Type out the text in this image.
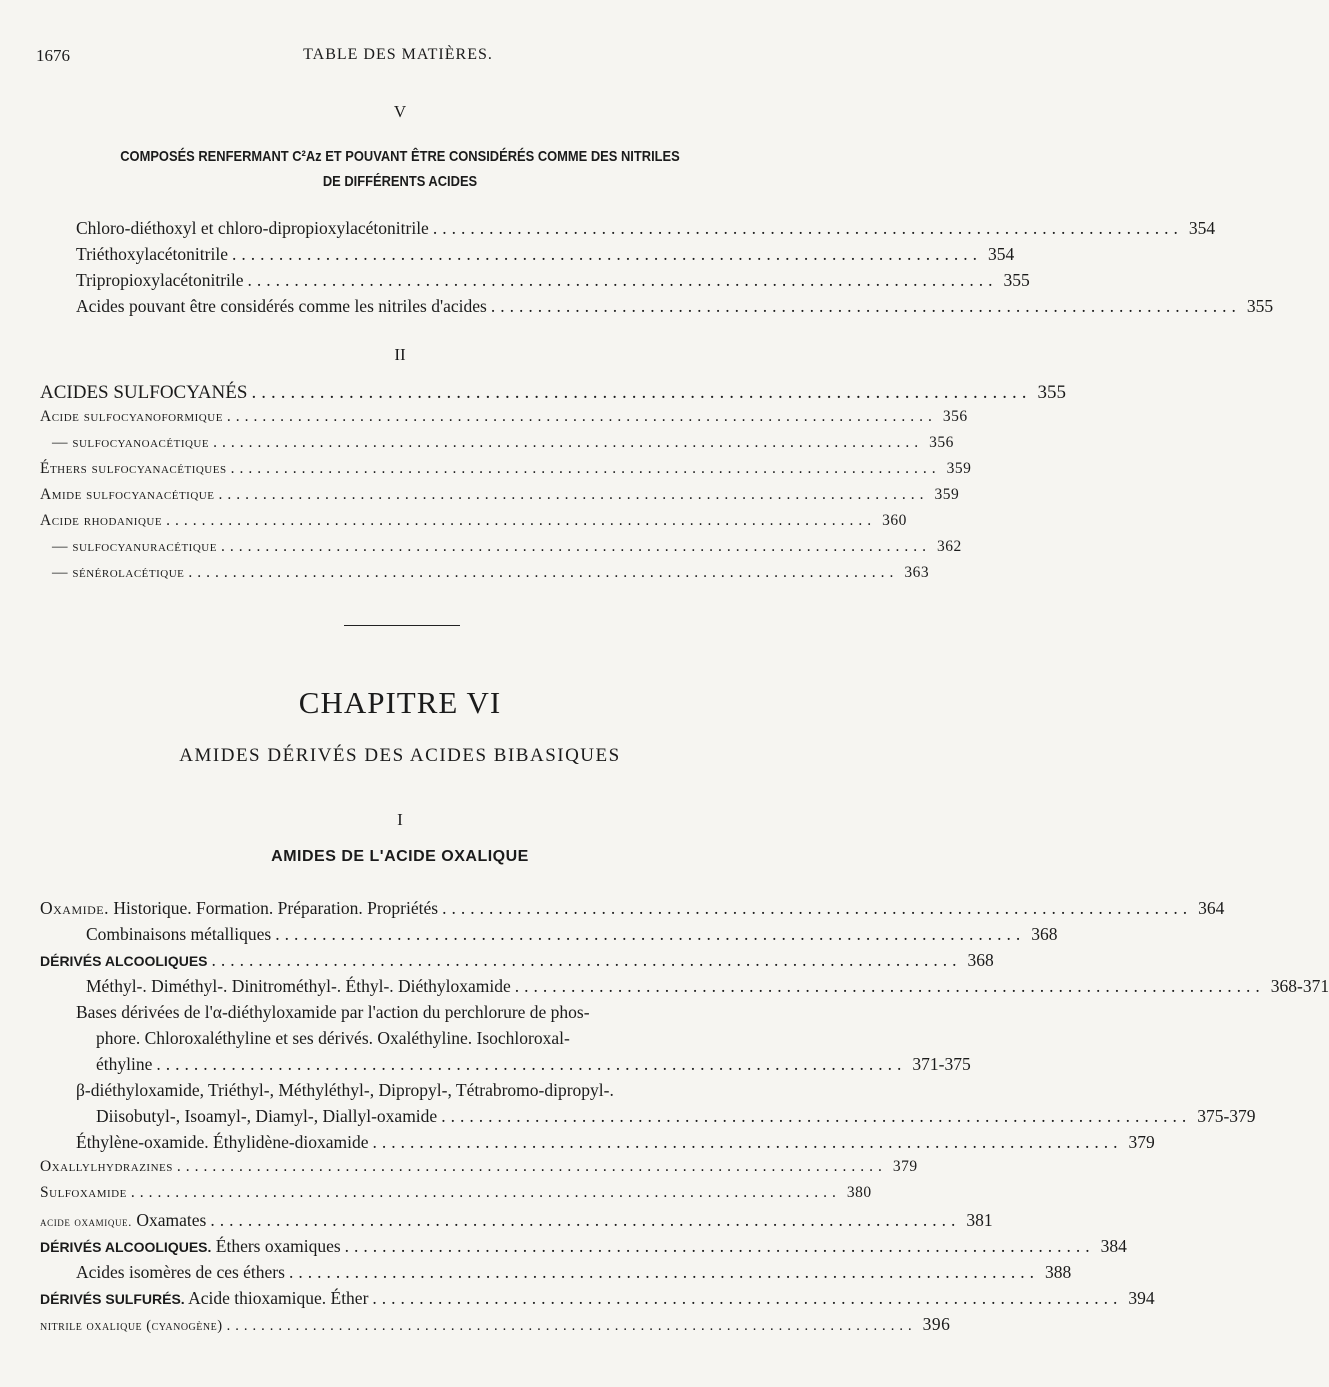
1676	TABLE DES MATIÈRES.
V
COMPOSÉS RENFERMANT C²Az ET POUVANT ÊTRE CONSIDÉRÉS COMME DES NITRILES
DE DIFFÉRENTS ACIDES
Chloro-diéthoxyl et chloro-dipropioxylacétonitrile ................................................................................ 354
Triéthoxylacétonitrile ................................................................................ 354
Tripropioxylacétonitrile ................................................................................ 355
Acides pouvant être considérés comme les nitriles d'acides ................................................................................ 355
II
ACIDES SULFOCYANÉS ................................................................................ 355
Acide sulfocyanoformique ................................................................................ 356
— sulfocyanoacétique ................................................................................ 356
Éthers sulfocyanacétiques ................................................................................ 359
Amide sulfocyanacétique ................................................................................ 359
Acide rhodanique ................................................................................ 360
— sulfocyanuracétique ................................................................................ 362
— sénérolacétique ................................................................................ 363
CHAPITRE VI
AMIDES DÉRIVÉS DES ACIDES BIBASIQUES
I
AMIDES DE L'ACIDE OXALIQUE
Oxamide. Historique. Formation. Préparation. Propriétés ................................................................................ 364
Combinaisons métalliques ................................................................................ 368
DÉRIVÉS ALCOOLIQUES ................................................................................ 368
Méthyl-. Diméthyl-. Dinitrométhyl-. Éthyl-. Diéthyloxamide ................................................................................ 368-371
Bases dérivées de l'α-diéthyloxamide par l'action du perchlorure de phos-
phore. Chloroxaléthyline et ses dérivés. Oxaléthyline. Isochloroxal-
éthyline ................................................................................ 371-375
β-diéthyloxamide, Triéthyl-, Méthyléthyl-, Dipropyl-, Tétrabromo-dipropyl-.
Diisobutyl-, Isoamyl-, Diamyl-, Diallyl-oxamide ................................................................................ 375-379
Éthylène-oxamide. Éthylidène-dioxamide ................................................................................ 379
Oxallylhydrazines ................................................................................ 379
Sulfoxamide ................................................................................ 380
acide oxamique. Oxamates ................................................................................ 381
DÉRIVÉS ALCOOLIQUES. Éthers oxamiques ................................................................................ 384
Acides isomères de ces éthers ................................................................................ 388
DÉRIVÉS SULFURÉS. Acide thioxamique. Éther ................................................................................ 394
nitrile oxalique (cyanogène) ................................................................................ 396
